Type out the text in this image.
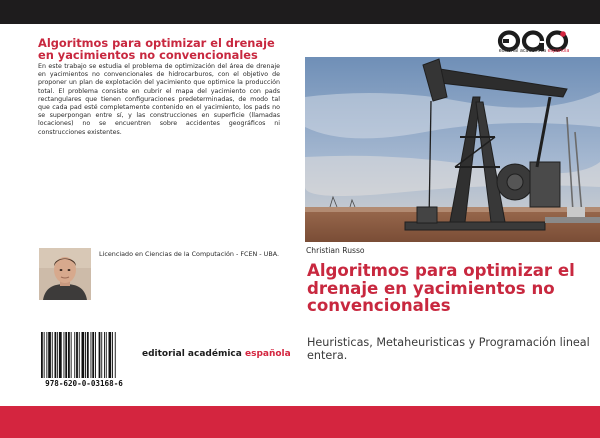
Algoritmos para optimizar el drenaje en yacimientos no convencionales
En este trabajo se estudia el problema de optimización del área de drenaje en yacimientos no convencionales de hidrocarburos, con el objetivo de proponer un plan de explotación del yacimiento que optimice la producción total. El problema consiste en cubrir el mapa del yacimiento con pads rectangulares que tienen configuraciones predeterminadas, de modo tal que cada pad esté completamente contenido en el yacimiento, los pads no se superpongan entre sí, y las construcciones en superficie (llamadas locaciones) no se encuentren sobre accidentes geográficos ni construcciones existentes.
Licenciado en Ciencias de la Computación - FCEN - UBA.
978-620-0-03168-6
editorial académica española
editorial académica española
Christian Russo
Algoritmos para optimizar el drenaje en yacimientos no convencionales
Heuristicas, Metaheuristicas y Programación lineal entera.
